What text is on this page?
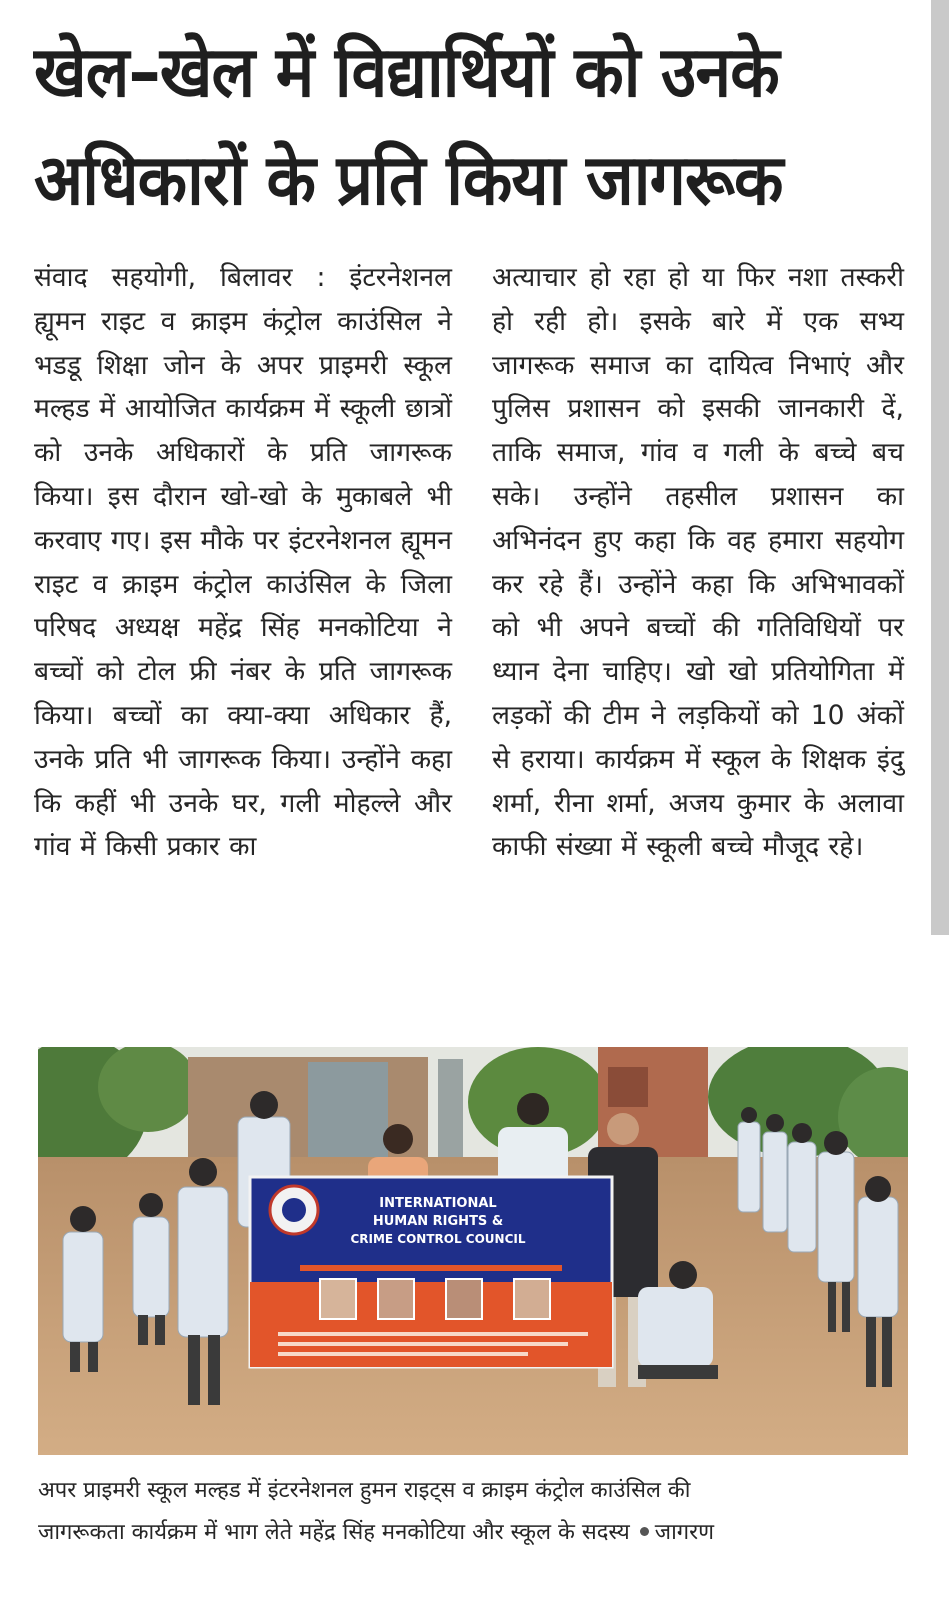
खेल–खेल में विद्यार्थियों को उनके
अधिकारों के प्रति किया जागरूक
संवाद सहयोगी, बिलावर : इंटरनेशनल ह्यूमन राइट व क्राइम कंट्रोल काउंसिल ने भडडू शिक्षा जोन के अपर प्राइमरी स्कूल मल्हड में आयोजित कार्यक्रम में स्कूली छात्रों को उनके अधिकारों के प्रति जागरूक किया। इस दौरान खो-खो के मुकाबले भी करवाए गए। इस मौके पर इंटरनेशनल ह्यूमन राइट व क्राइम कंट्रोल काउंसिल के जिला परिषद अध्यक्ष महेंद्र सिंह मनकोटिया ने बच्चों को टोल फ्री नंबर के प्रति जागरूक किया। बच्चों का क्या-क्या अधिकार हैं, उनके प्रति भी जागरूक किया। उन्होंने कहा कि कहीं भी उनके घर, गली मोहल्ले और गांव में किसी प्रकार का
अत्याचार हो रहा हो या फिर नशा तस्करी हो रही हो। इसके बारे में एक सभ्य जागरूक समाज का दायित्व निभाएं और पुलिस प्रशासन को इसकी जानकारी दें, ताकि समाज, गांव व गली के बच्चे बच सके। उन्होंने तहसील प्रशासन का अभिनंदन हुए कहा कि वह हमारा सहयोग कर रहे हैं। उन्होंने कहा कि अभिभावकों को भी अपने बच्चों की गतिविधियों पर ध्यान देना चाहिए। खो खो प्रतियोगिता में लड़कों की टीम ने लड़कियों को 10 अंकों से हराया। कार्यक्रम में स्कूल के शिक्षक इंदु शर्मा, रीना शर्मा, अजय कुमार के अलावा काफी संख्या में स्कूली बच्चे मौजूद रहे।
INTERNATIONAL
HUMAN RIGHTS &
CRIME CONTROL COUNCIL
अपर प्राइमरी स्कूल मल्हड में इंटरनेशनल हुमन राइट्स व क्राइम कंट्रोल काउंसिल की
जागरूकता कार्यक्रम में भाग लेते महेंद्र सिंह मनकोटिया और स्कूल के सदस्य जागरण
